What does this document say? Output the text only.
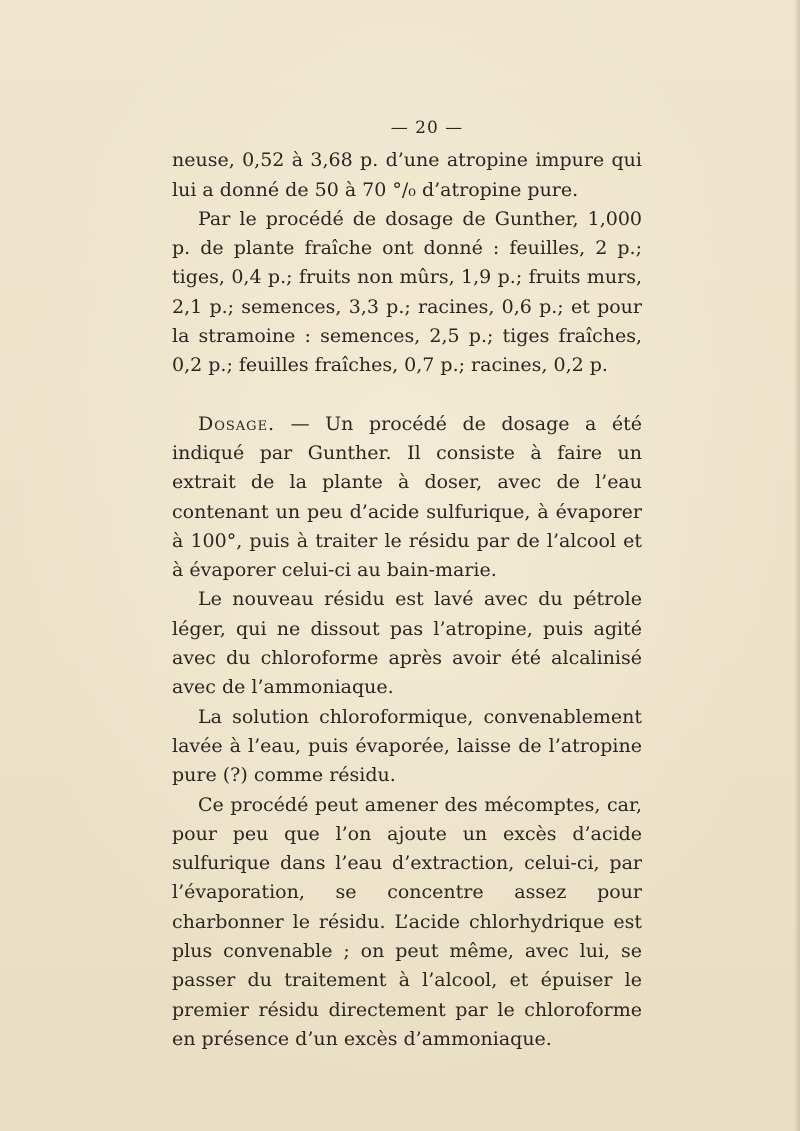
— 20 —

neuse, 0,52 à 3,68 p. d’une atropine impure qui lui a donné de 50 à 70 °/₀ d’atropine pure.

Par le procédé de dosage de Gunther, 1,000 p. de plante fraîche ont donné : feuilles, 2 p.; tiges, 0,4 p.; fruits non mûrs, 1,9 p.; fruits murs, 2,1 p.; semences, 3,3 p.; racines, 0,6 p.; et pour la stramoine : semences, 2,5 p.; tiges fraîches, 0,2 p.; feuilles fraîches, 0,7 p.; racines, 0,2 p.

Dosage. — Un procédé de dosage a été indiqué par Gunther. Il consiste à faire un extrait de la plante à doser, avec de l’eau contenant un peu d’acide sulfurique, à évaporer à 100°, puis à traiter le résidu par de l’alcool et à évaporer celui-ci au bain-marie.

Le nouveau résidu est lavé avec du pétrole léger, qui ne dissout pas l’atropine, puis agité avec du chloroforme après avoir été alcalinisé avec de l’ammoniaque.

La solution chloroformique, convenablement lavée à l’eau, puis évaporée, laisse de l’atropine pure (?) comme résidu.

Ce procédé peut amener des mécomptes, car, pour peu que l’on ajoute un excès d’acide sulfurique dans l’eau d’extraction, celui-ci, par l’évaporation, se concentre assez pour charbonner le résidu. L’acide chlorhydrique est plus convenable ; on peut même, avec lui, se passer du traitement à l’alcool, et épuiser le premier résidu directement par le chloroforme en présence d’un excès d’ammoniaque.
